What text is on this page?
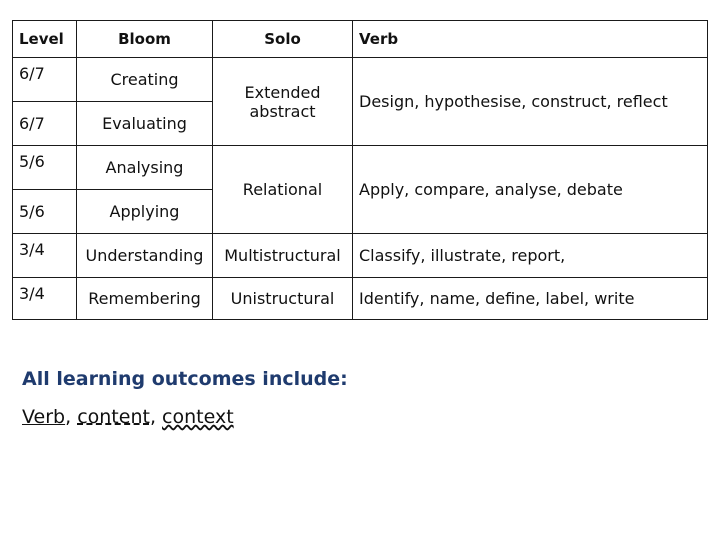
Level	Bloom	Solo	Verb
6/7	Creating	Extended abstract	Design, hypothesise, construct, reflect
6/7	Evaluating		
5/6	Analysing	Relational	Apply, compare, analyse, debate
5/6	Applying		
3/4	Understanding	Multistructural	Classify, illustrate, report,
3/4	Remembering	Unistructural	Identify, name, define, label, write
All learning outcomes include:
Verb, content, context
